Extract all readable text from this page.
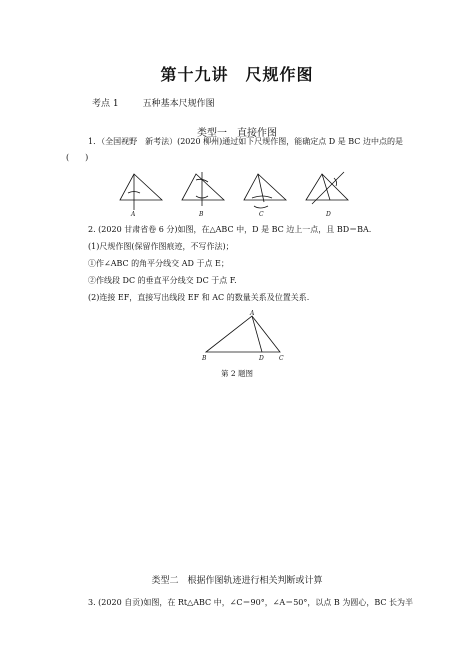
第十九讲　尺规作图
考点 1	五种基本尺规作图
类型一　直接作图
1．（全国视野　新考法）(2020 柳州)通过如下尺规作图，能确定点 D 是 BC 边中点的是
(　　)
A	B	C	D
2. (2020 甘肃省卷 6 分)如图，在△ABC 中，D 是 BC 边上一点，且 BD＝BA.
(1)尺规作图(保留作图痕迹，不写作法)；
①作∠ABC 的角平分线交 AD 于点 E；
②作线段 DC 的垂直平分线交 DC 于点 F.
(2)连接 EF，直接写出线段 EF 和 AC 的数量关系及位置关系.
A
B	D	C
第 2 题图
类型二　根据作图轨迹进行相关判断或计算
3. (2020 自贡)如图，在 Rt△ABC 中，∠C＝90°，∠A＝50°，以点 B 为圆心，BC 长为半
